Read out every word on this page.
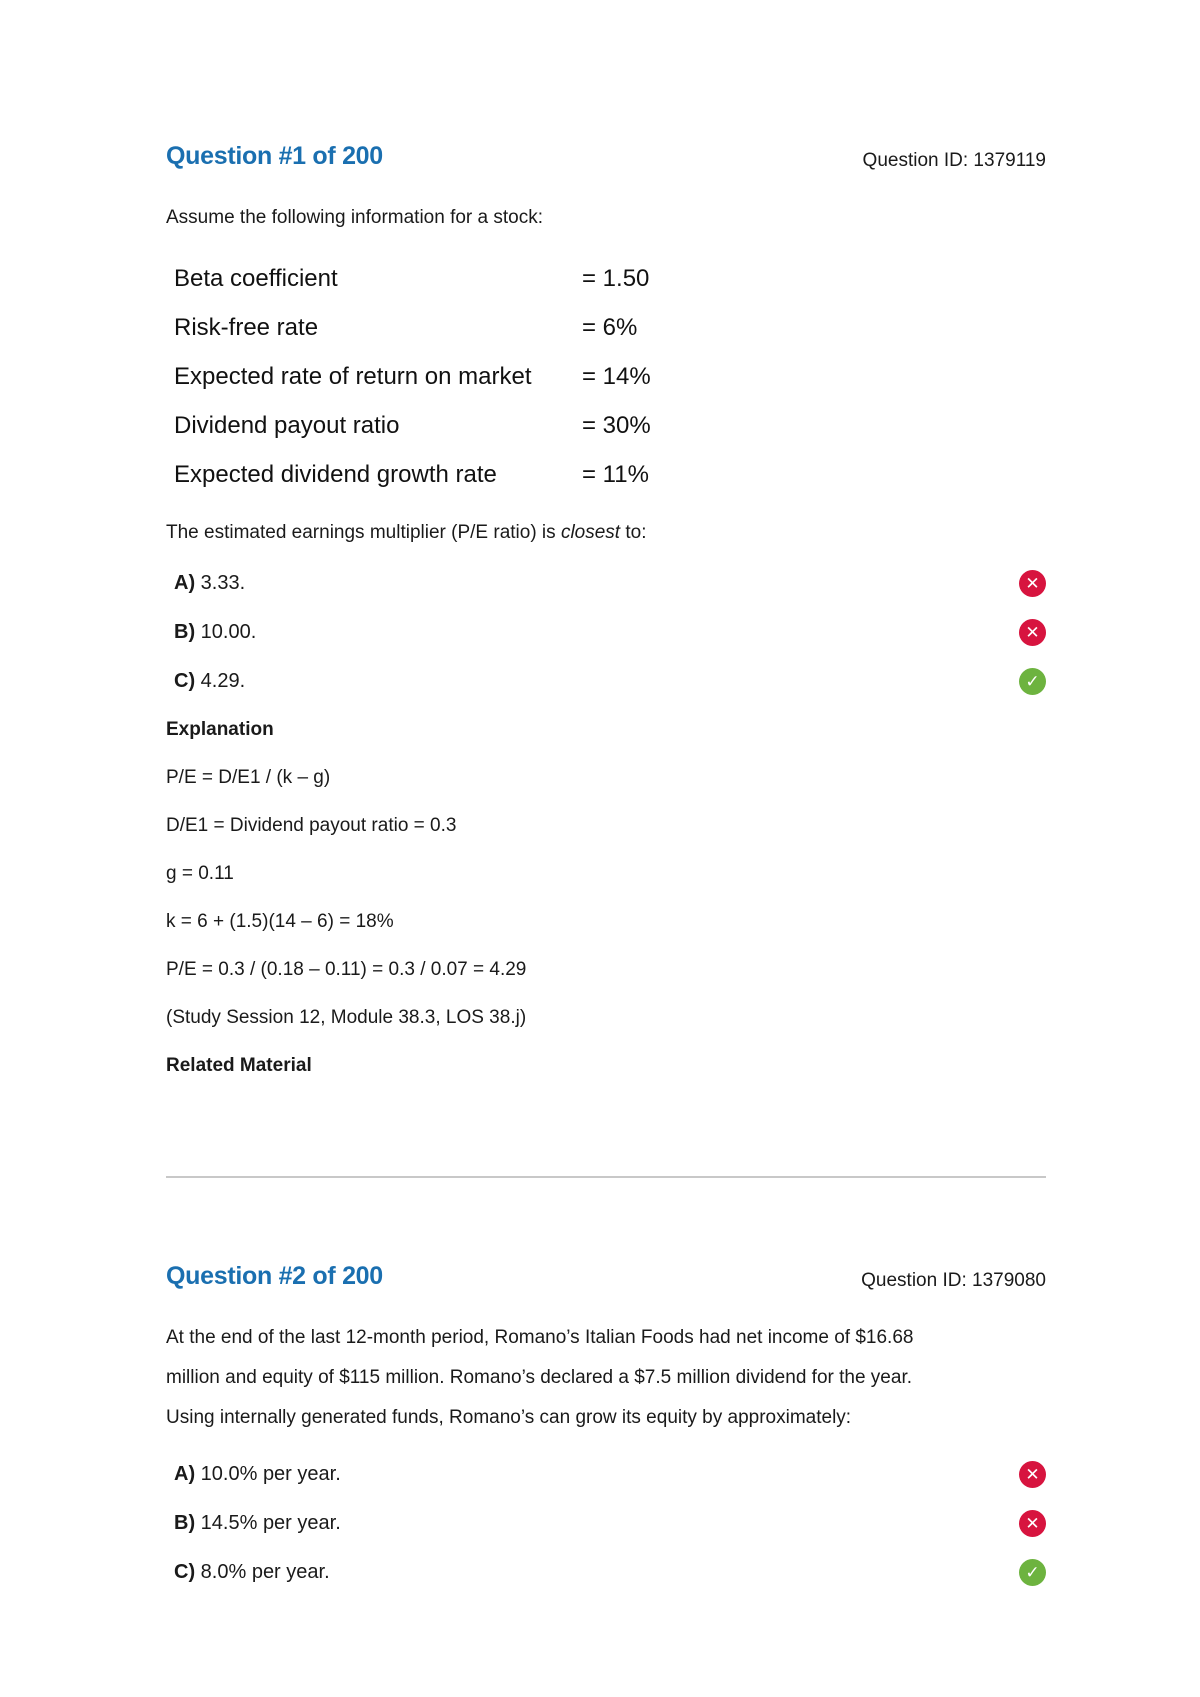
Question #1 of 200	Question ID: 1379119

Assume the following information for a stock:

Beta coefficient	= 1.50
Risk-free rate	= 6%
Expected rate of return on market	= 14%
Dividend payout ratio	= 30%
Expected dividend growth rate	= 11%
The estimated earnings multiplier (P/E ratio) is closest to:
A) 3.33.	✕
B) 10.00.	✕
C) 4.29.	✓
Explanation
P/E = D/E1 / (k – g)
D/E1 = Dividend payout ratio = 0.3
g = 0.11
k = 6 + (1.5)(14 – 6) = 18%
P/E = 0.3 / (0.18 – 0.11) = 0.3 / 0.07 = 4.29
(Study Session 12, Module 38.3, LOS 38.j)
Related Material
Question #2 of 200	Question ID: 1379080

At the end of the last 12-month period, Romano’s Italian Foods had net income of $16.68

million and equity of $115 million. Romano’s declared a $7.5 million dividend for the year.

Using internally generated funds, Romano’s can grow its equity by approximately:

A) 10.0% per year.	✕
B) 14.5% per year.	✕
C) 8.0% per year.	✓
